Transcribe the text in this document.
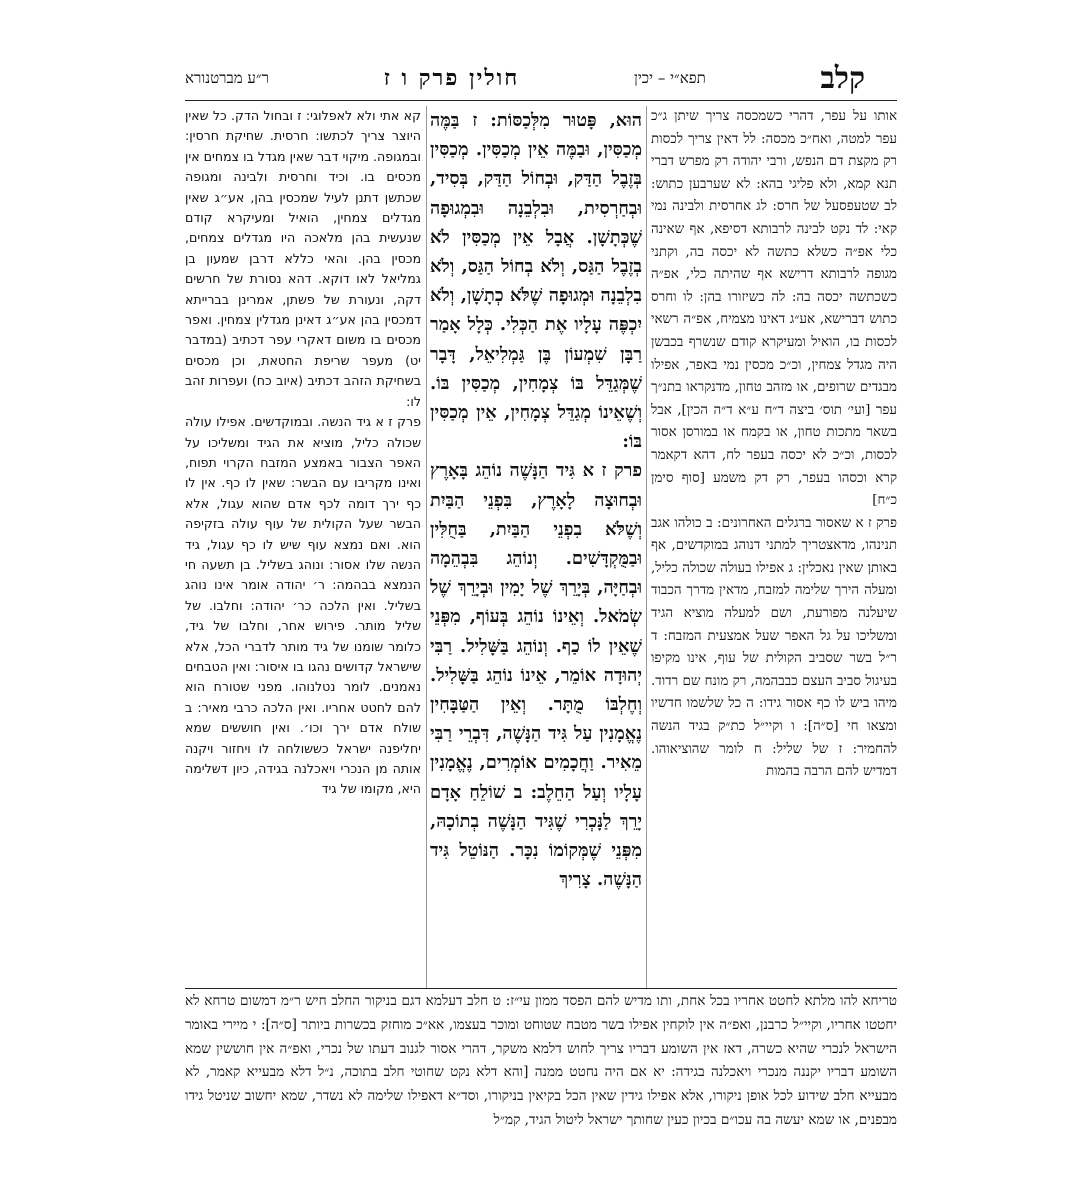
קלב
תפא״י – יכין
חולין פרק ו ז
ר״ע מברטנורא

אותו על עפר, דהרי כשמכסה צריך שיתן ג״כ עפר למטה, ואח״כ מכסה: לל דאין צריך לכסות רק מקצת דם הנפש, ורבי יהודה רק מפרש דברי תנא קמא, ולא פליגי בהא: לא שערבען כתוש: לב שטעפסעל של חרס: לג אחרסית ולבינה נמי קאי: לד נקט לבינה לרבותא דסיפא, אף שאינה כלי אפ״ה כשלא כתשה לא יכסה בה, וקתני מגופה לרבותא דרישא אף שהיתה כלי, אפ״ה כשכתשה יכסה בה: לה כשיזורו בהן: לו וחרס כתוש דברישא, אע״ג דאינו מצמיח, אפ״ה רשאי לכסות בו, הואיל ומעיקרא קודם שנשרף בכבשן היה מגדל צמחין, וכ״כ מכסין נמי באפר, אפילו מבגדים שרופים, או מזהב טחון, מדנקראו בתנ״ך עפר [ועי׳ תוס׳ ביצה ד״ח ע״א ד״ה הכין], אבל בשאר מתכות טחון, או בקמח או במורסן אסור לכסות, וכ״כ לא יכסה בעפר לח, דהא דקאמר קרא וכסהו בעפר, רק דק משמע [סוף סימן כ״ח]

פרק ז א שאסור ברגלים האחרונים: ב כולהו אגב תנינהו, מדאצטריך למתני דנוהג במוקדשים, אף באותן שאין נאכלין: ג אפילו בעולה שכולה כליל, ומעלה הירך שלימה למזבח, מדאין מדרך הכבוד שיעלנה מפורעת, ושם למעלה מוציא הגיד ומשליכו על גל האפר שעל אמצעית המזבח: ד ר״ל בשר שסביב הקולית של עוף, אינו מקיפו בעיגול סביב העצם כבבהמה, רק מונח שם רדוד. מיהו ביש לו כף אסור גידו: ה כל שלשמו חדשיו ומצאו חי [ס״ה]: ו וקיי״ל כת״ק בגיד הנשה להחמיר: ז של שליל: ח לומר שהוציאוהו. דמדיש להם הרבה בהמות

הוּא, פָּטוּר מִלְּכַסּוֹת: ז בַּמֶּה מְכַסִּין, וּבַמֶּה אֵין מְכַסִּין. מְכַסִּין בְּזֶבֶל הַדַּק, וּבְחוֹל הַדַּק, בְּסִיד, וּבְחַרְסִית, וּבִלְבֵנָה וּבִמְגוּפָה שֶׁכְּתָשָׁן. אֲבָל אֵין מְכַסִּין לֹא בְזֶבֶל הַגַּס, וְלֹא בְחוֹל הַגַּס, וְלֹא בִלְבֵנָה וּמְגוּפָה שֶׁלֹּא כְתָשָׁן, וְלֹא יִכְפֶּה עָלָיו אֶת הַכְּלִי. כְּלָל אָמַר רַבָּן שִׁמְעוֹן בֶּן גַּמְלִיאֵל, דָּבָר שֶׁמְּגַדֵּל בּוֹ צְמָחִין, מְכַסִּין בּוֹ. וְשֶׁאֵינוֹ מְגַדֵּל צְמָחִין, אֵין מְכַסִּין בּוֹ:

פרק ז א גִּיד הַנָּשֶׁה נוֹהֵג בָּאָרֶץ וּבְחוּצָה לָאָרֶץ, בִּפְנֵי הַבַּיִת וְשֶׁלֹּא בִפְנֵי הַבַּיִת, בַּחֻלִּין וּבַמֻּקְדָּשִׁים. וְנוֹהֵג בִּבְהֵמָה וּבְחַיָּה, בְּיָרֵךְ שֶׁל יָמִין וּבְיָרֵךְ שֶׁל שְׂמֹאל. וְאֵינוֹ נוֹהֵג בְּעוֹף, מִפְּנֵי שֶׁאֵין לוֹ כַף. וְנוֹהֵג בַּשָּׁלִיל. רַבִּי יְהוּדָה אוֹמֵר, אֵינוֹ נוֹהֵג בַּשָּׁלִיל. וְחֶלְבּוֹ מֻתָּר. וְאֵין הַטַּבָּחִין נֶאֱמָנִין עַל גִּיד הַנָּשֶׁה, דִּבְרֵי רַבִּי מֵאִיר. וַחֲכָמִים אוֹמְרִים, נֶאֱמָנִין עָלָיו וְעַל הַחֵלֶב: ב שׁוֹלֵחַ אָדָם יָרֵךְ לַנָּכְרִי שֶׁגִּיד הַנָּשֶׁה בְתוֹכָהּ, מִפְּנֵי שֶׁמְּקוֹמוֹ נִכָּר. הַנּוֹטֵל גִּיד הַנָּשֶׁה. צָרִיךְ

קא אתי ולא לאפלוגי: ז ובחול הדק. כל שאין היוצר צריך לכתשו: חרסית. שחיקת חרסין: ובמגופה. מיקוי דבר שאין מגדל בו צמחים אין מכסים בו. וכיד וחרסית ולבינה ומגופה שכתשן דתנן לעיל שמכסין בהן, אע״ג שאין מגדלים צמחין, הואיל ומעיקרא קודם שנעשית בהן מלאכה היו מגדלים צמחים, מכסין בהן. והאי כללא דרבן שמעון בן גמליאל לאו דוקא. דהא נסורת של חרשים דקה, ונעורת של פשתן, אמרינן בברייתא דמכסין בהן אע״ג דאינן מגדלין צמחין. ואפר מכסים בו משום דאקרי עפר דכתיב (במדבר יט) מעפר שריפת החטאת, וכן מכסים בשחיקת הזהב דכתיב (איוב כח) ועפרות זהב לו:

פרק ז א גיד הנשה. ובמוקדשים. אפילו עולה שכולה כליל, מוציא את הגיד ומשליכו על האפר הצבור באמצע המזבח הקרוי תפוח, ואינו מקריבו עם הבשר: שאין לו כף. אין לו כף ירך דומה לכף אדם שהוא עגול, אלא הבשר שעל הקולית של עוף עולה בזקיפה הוא. ואם נמצא עוף שיש לו כף עגול, גיד הנשה שלו אסור: ונוהג בשליל. בן תשעה חי הנמצא בבהמה: ר׳ יהודה אומר אינו נוהג בשליל. ואין הלכה כר׳ יהודה: וחלבו. של שליל מותר. פירוש אחר, וחלבו של גיד, כלומר שומנו של גיד מותר לדברי הכל, אלא שישראל קדושים נהגו בו איסור: ואין הטבחים נאמנים. לומר נטלנוהו. מפני שטורח הוא להם לחטט אחריו. ואין הלכה כרבי מאיר: ב שולח אדם ירך וכו׳. ואין חוששים שמא יחליפנה ישראל כששולחה לו ויחזור ויקנה אותה מן הנכרי ויאכלנה בגידה, כיון דשלימה היא, מקומו של גיד

טריחא להו מלתא לחטט אחריו בכל אחת, ותו מדיש להם הפסד ממון עי״ז: ט חלב דעלמא דגם בניקור החלב חיש ר״מ דמשום טרחא לא יחטטו אחריו, וקיי״ל כרבנן, ואפ״ה אין לוקחין אפילו בשר מטבח שטוחט ומוכר בעצמו, אא״כ מוחזק בכשרות ביותר [ס״ה]: י מיירי באומר הישראל לנכרי שהיא כשרה, דאז אין השומע דבריו צריך לחוש דלמא משקר, דהרי אסור לגנוב דעתו של נכרי, ואפ״ה אין חוששין שמא השומע דבריו יקננה מנכרי ויאכלנה בגידה: יא אם היה נחטט ממנה [והא דלא נקט שחוטי חלב בתוכה, נ״ל דלא מבעייא קאמר, לא מבעייא חלב שידוע לכל אופן ניקורו, אלא אפילו גידין שאין הכל בקיאין בניקורו, וסד״א דאפילו שלימה לא נשדר, שמא יחשוב שניטל גידו מבפנים, או שמא יעשה בה עכו״ם בכיון כעין שחותך ישראל ליטול הגיד, קמ״ל
